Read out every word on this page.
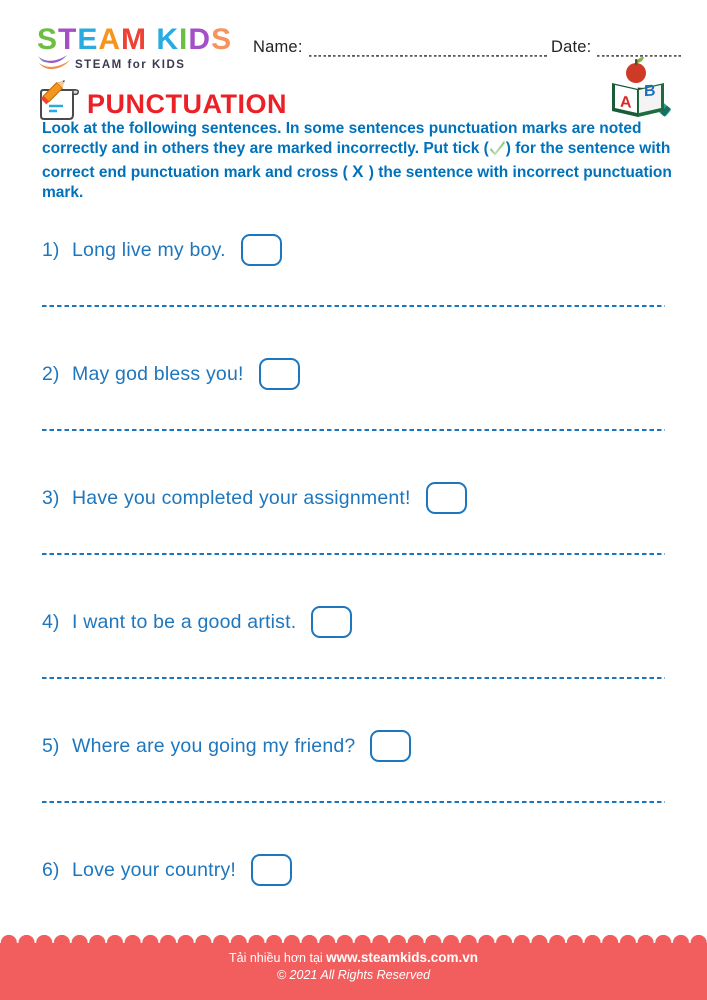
STEAM KIDS
STEAM for KIDS
Name:	Date:
A
B
PUNCTUATION
Look at the following sentences. In some sentences punctuation marks are noted correctly and in others they are marked incorrectly. Put tick ( ) for the sentence with correct end punctuation mark and cross ( X ) the sentence with incorrect punctuation mark.
1) Long live my boy.
2) May god bless you!
3) Have you completed your assignment!
4) I want to be a good artist.
5) Where are you going my friend?
6) Love your country!
Tải nhiều hơn tại www.steamkids.com.vn
© 2021 All Rights Reserved
